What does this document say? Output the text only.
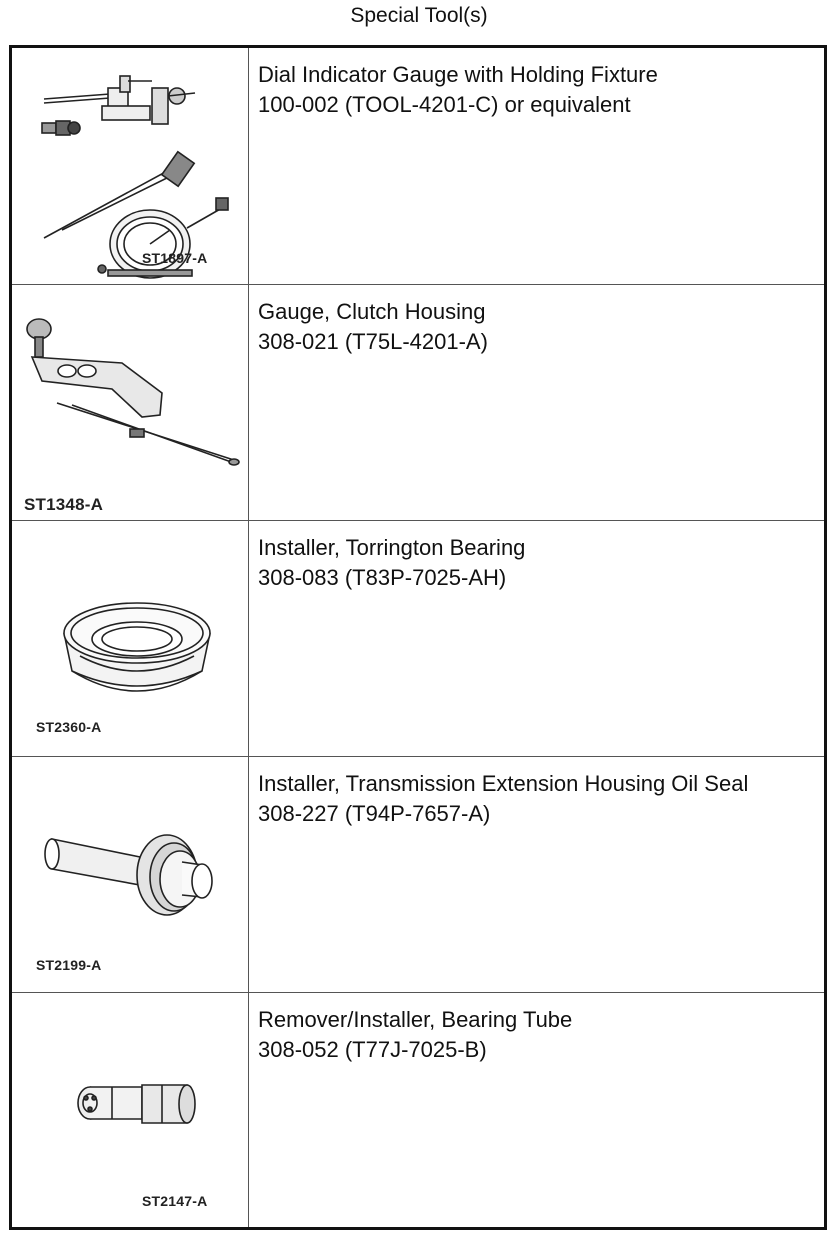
Special Tool(s)
ST1897-A
Dial Indicator Gauge with Holding Fixture
100-002 (TOOL-4201-C) or equivalent
ST1348-A
Gauge, Clutch Housing
308-021 (T75L-4201-A)
ST2360-A
Installer, Torrington Bearing
308-083 (T83P-7025-AH)
ST2199-A
Installer, Transmission Extension Housing Oil Seal
308-227 (T94P-7657-A)
ST2147-A
Remover/Installer, Bearing Tube
308-052 (T77J-7025-B)
